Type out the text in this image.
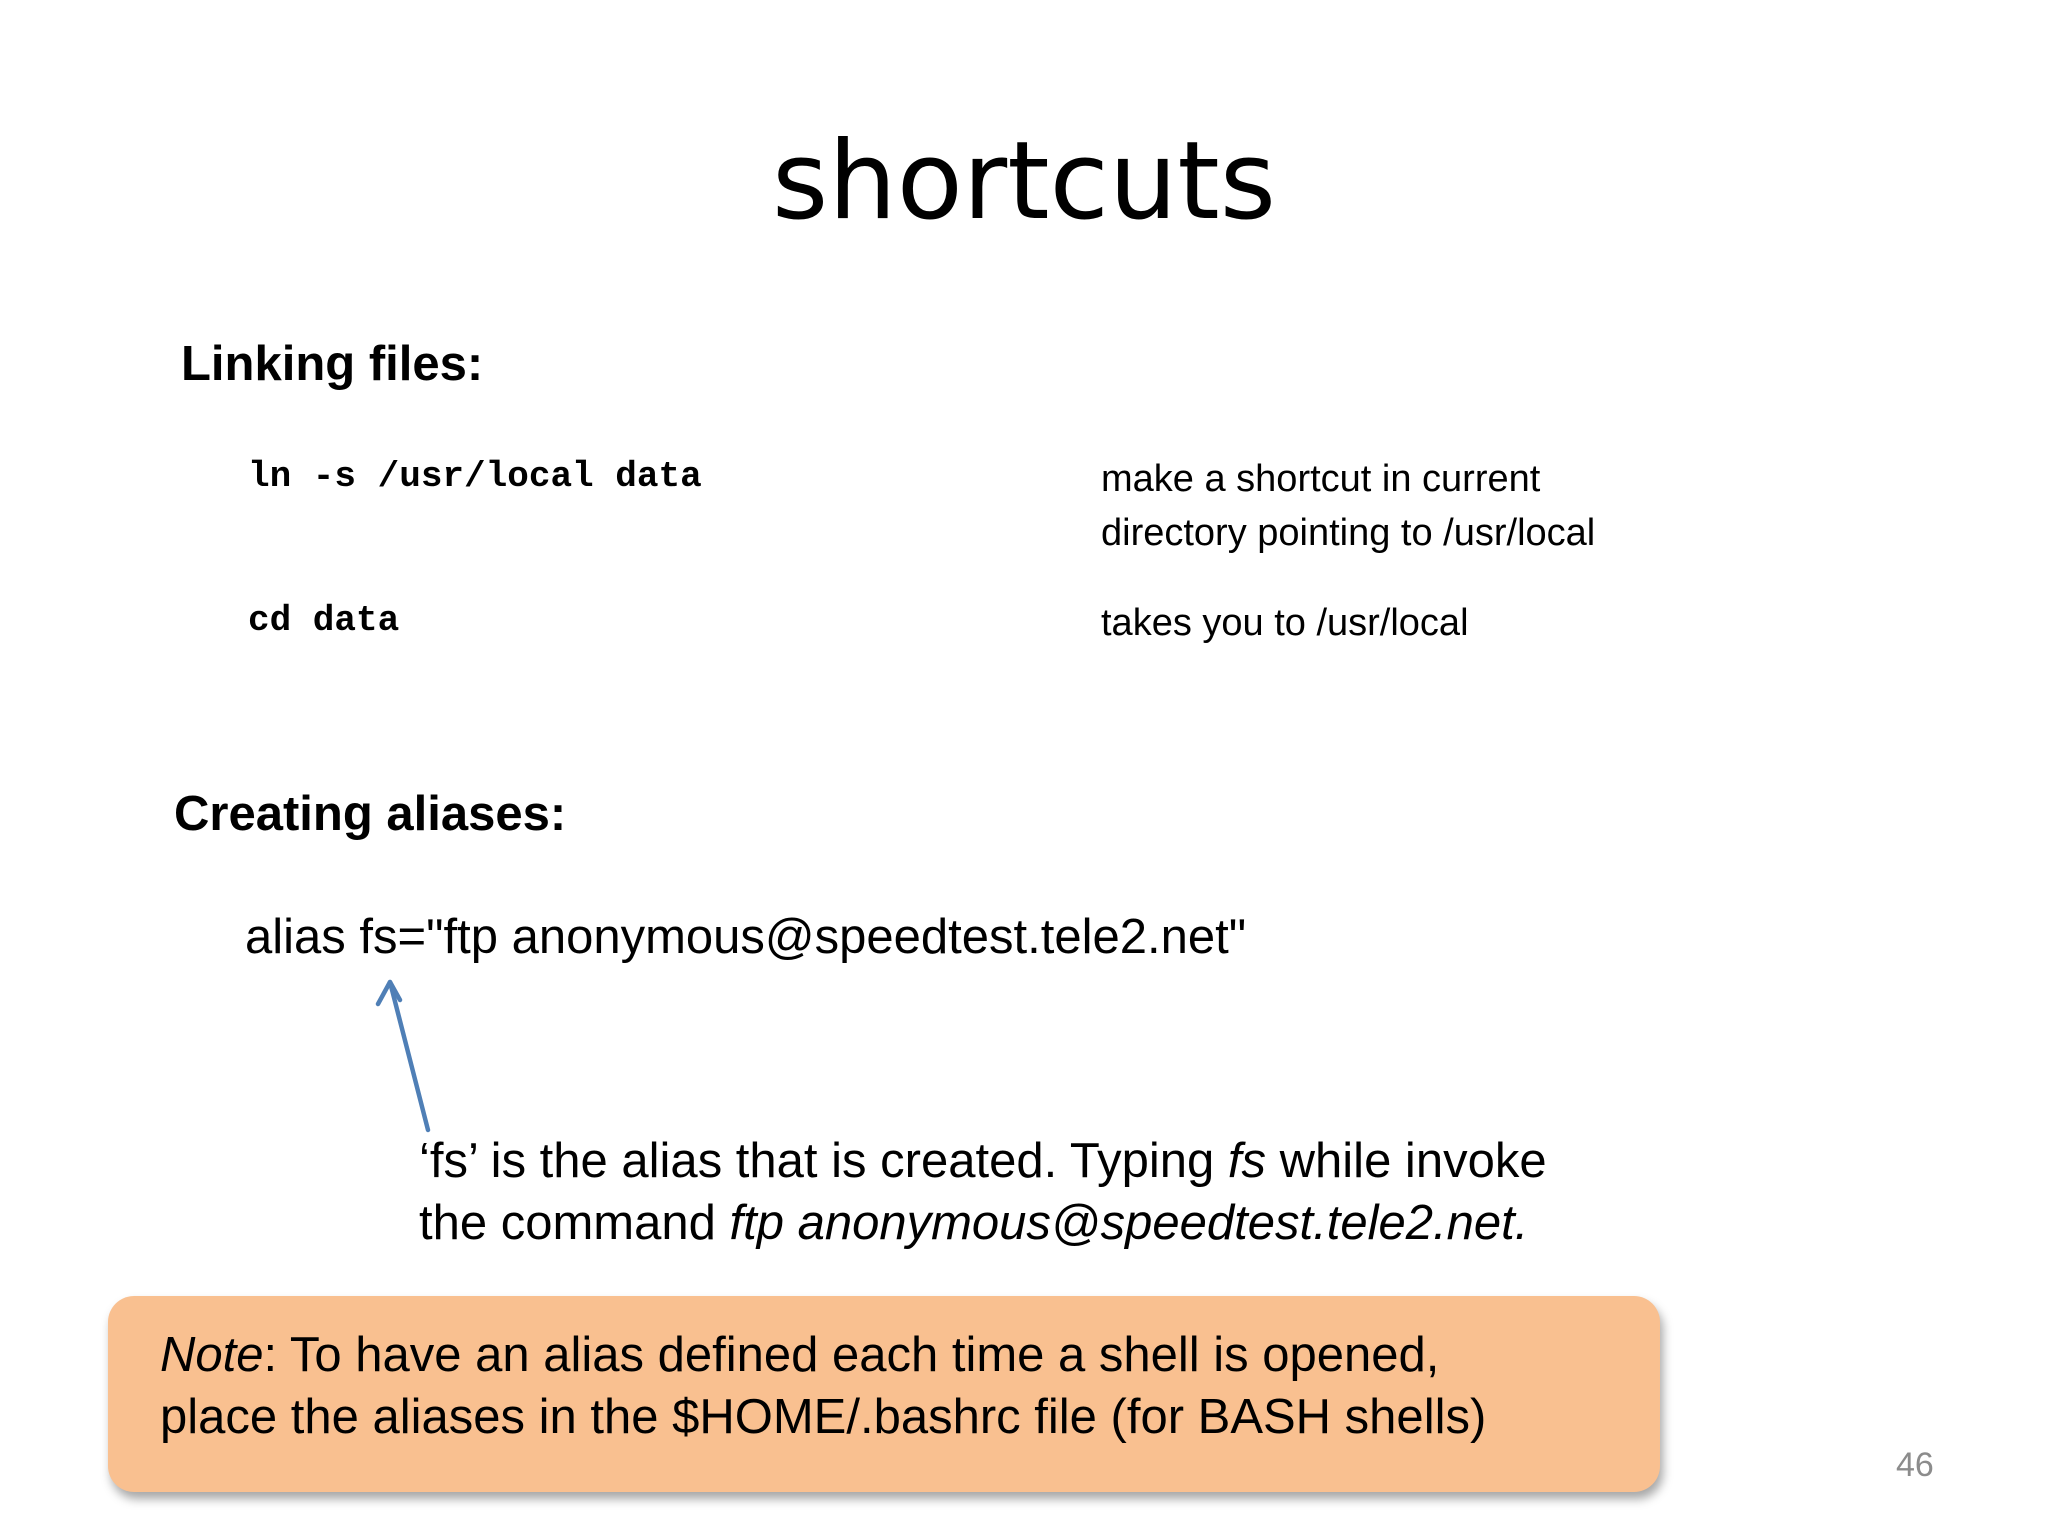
shortcuts
Linking files:
ln -s /usr/local data	make a shortcut in current
directory pointing to /usr/local
cd data	takes you to /usr/local
Creating aliases:
alias fs="ftp anonymous@speedtest.tele2.net"
‘fs’ is the alias that is created. Typing fs while invoke
the command ftp anonymous@speedtest.tele2.net.
Note: To have an alias defined each time a shell is opened,
place the aliases in the $HOME/.bashrc file (for BASH shells)
46
